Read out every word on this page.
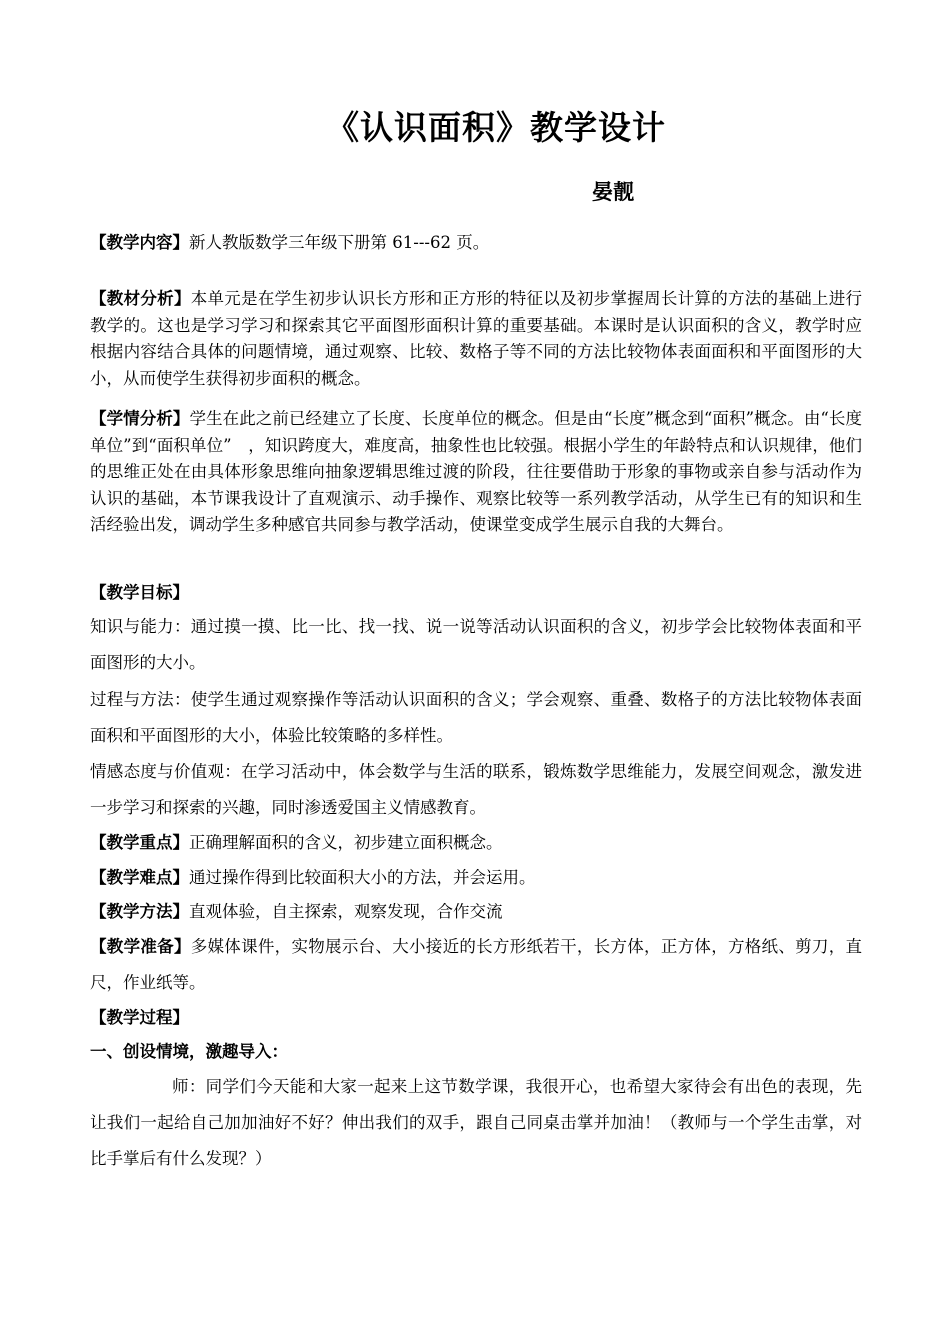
《认识面积》教学设计
晏靓
【教学内容】新人教版数学三年级下册第 61---62 页。
【教材分析】本单元是在学生初步认识长方形和正方形的特征以及初步掌握周长计算的方法的基础上进行教学的。这也是学习学习和探索其它平面图形面积计算的重要基础。本课时是认识面积的含义，教学时应根据内容结合具体的问题情境，通过观察、比较、数格子等不同的方法比较物体表面面积和平面图形的大小，从而使学生获得初步面积的概念。
【学情分析】学生在此之前已经建立了长度、长度单位的概念。但是由“长度”概念到“面积”概念。由“长度单位”到“面积单位”　，知识跨度大，难度高，抽象性也比较强。根据小学生的年龄特点和认识规律，他们的思维正处在由具体形象思维向抽象逻辑思维过渡的阶段，往往要借助于形象的事物或亲自参与活动作为认识的基础，本节课我设计了直观演示、动手操作、观察比较等一系列教学活动，从学生已有的知识和生活经验出发，调动学生多种感官共同参与教学活动，使课堂变成学生展示自我的大舞台。
【教学目标】
知识与能力：通过摸一摸、比一比、找一找、说一说等活动认识面积的含义，初步学会比较物体表面和平面图形的大小。
过程与方法：使学生通过观察操作等活动认识面积的含义；学会观察、重叠、数格子的方法比较物体表面面积和平面图形的大小，体验比较策略的多样性。
情感态度与价值观：在学习活动中，体会数学与生活的联系，锻炼数学思维能力，发展空间观念，激发进一步学习和探索的兴趣，同时渗透爱国主义情感教育。
【教学重点】正确理解面积的含义，初步建立面积概念。
【教学难点】通过操作得到比较面积大小的方法，并会运用。
【教学方法】直观体验，自主探索，观察发现，合作交流
【教学准备】多媒体课件，实物展示台、大小接近的长方形纸若干，长方体，正方体，方格纸、剪刀，直尺，作业纸等。
【教学过程】
一、创设情境，激趣导入：
师：同学们今天能和大家一起来上这节数学课，我很开心，也希望大家待会有出色的表现，先让我们一起给自己加加油好不好？伸出我们的双手，跟自己同桌击掌并加油！（教师与一个学生击掌，对比手掌后有什么发现？）
